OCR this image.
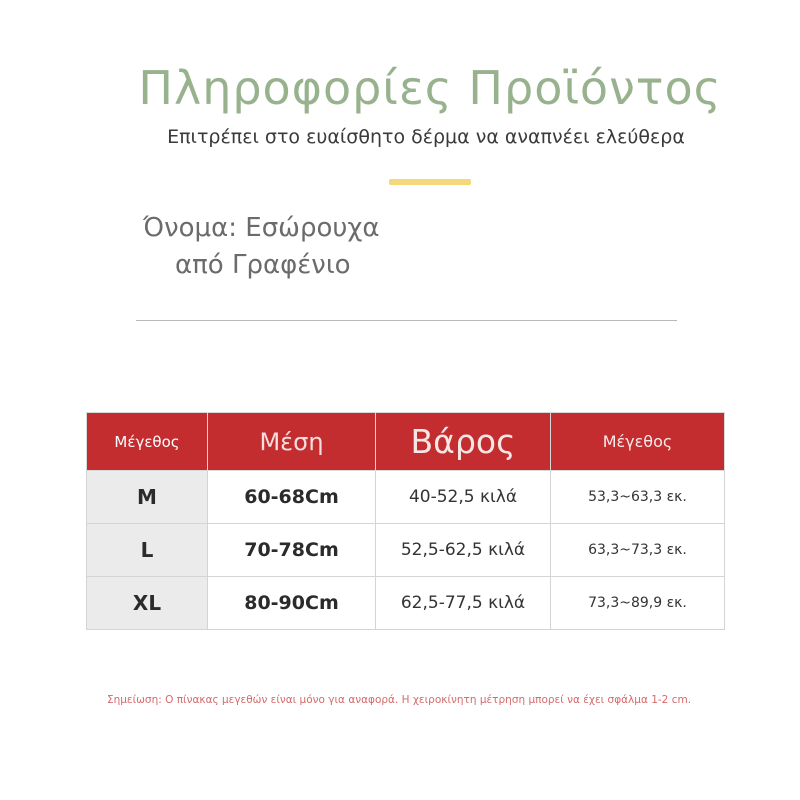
Πληροφορίες Προϊόντος
Επιτρέπει στο ευαίσθητο δέρμα να αναπνέει ελεύθερα
Όνομα: Εσώρουχα
από Γραφένιο
Μέγεθος	Μέση	Βάρος	Μέγεθος
M	60-68Cm	40-52,5 κιλά	53,3~63,3 εκ.
L	70-78Cm	52,5-62,5 κιλά	63,3~73,3 εκ.
XL	80-90Cm	62,5-77,5 κιλά	73,3~89,9 εκ.
Σημείωση: Ο πίνακας μεγεθών είναι μόνο για αναφορά. Η χειροκίνητη μέτρηση μπορεί να έχει σφάλμα 1-2 cm.
